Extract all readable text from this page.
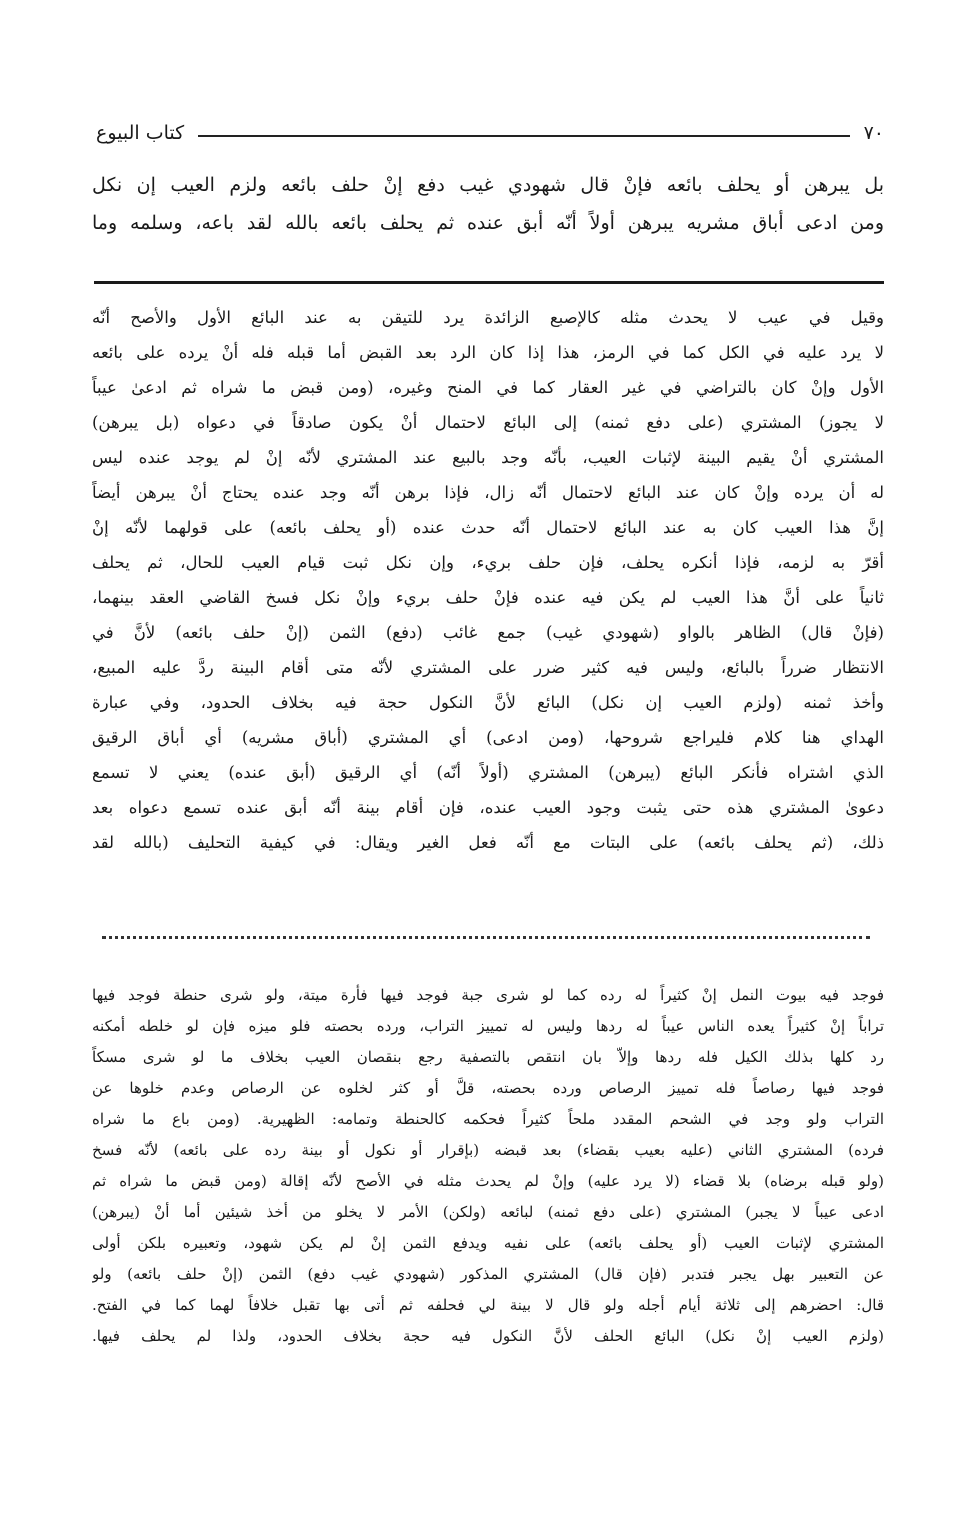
٧٠
كتاب البيوع
بل يبرهن أو يحلف بائعه فإنْ قال شهودي غيب دفع إنْ حلف بائعه ولزم العيب إن نكل
ومن ادعى أباق مشريه يبرهن أولاً أنّه أبق عنده ثم يحلف بائعه بالله لقد باعه، وسلمه وما
وقيل في عيب لا يحدث مثله كالإصبع الزائدة يرد للتيقن به عند البائع الأول والأصح أنّه
لا يرد عليه في الكل كما في الرمز، هذا إذا كان الرد بعد القبض أما قبله فله أنْ يرده على بائعه
الأول وإنْ كان بالتراضي في غير العقار كما في المنح وغيره، (ومن قبض ما شراه ثم ادعىٰ عيباً
لا يجوز) المشتري (على دفع ثمنه) إلى البائع لاحتمال أنْ يكون صادقاً في دعواه (بل يبرهن)
المشتري أنْ يقيم البينة لإثبات العيب، بأنّه وجد بالبيع عند المشتري لأنّه إنْ لم يوجد عنده ليس
له أن يرده وإنْ كان عند البائع لاحتمال أنّه زال، فإذا برهن أنّه وجد عنده يحتاج أنْ يبرهن أيضاً
إنَّ هذا العيب كان به عند البائع لاحتمال أنّه حدث عنده (أو يحلف بائعه) على قولهما لأنّه إنْ
أقرّ به لزمه، فإذا أنكره يحلف، فإن حلف بريء، وإن نكل ثبت قيام العيب للحال، ثم يحلف
ثانياً على أنَّ هذا العيب لم يكن فيه عنده فإنْ حلف بريء وإنْ نكل فسخ القاضي العقد بينهما،
(فإنْ قال) الظاهر بالواو (شهودي غيب) جمع غائب (دفع) الثمن (إنْ حلف بائعه) لأنَّ في
الانتظار ضرراً بالبائع، وليس فيه كثير ضرر على المشتري لأنّه متى أقام البينة ردَّ عليه المبيع،
وأخذ ثمنه (ولزم العيب إن نكل) البائع لأنَّ النكول حجة فيه بخلاف الحدود، وفي عبارة
الهداي هنا كلام فليراجع شروحها، (ومن ادعى) أي المشتري (أباق مشريه) أي أباق الرقيق
الذي اشتراه فأنكر البائع (يبرهن) المشتري (أولاً أنّه) أي الرقيق (أبق عنده) يعني لا تسمع
دعوىٰ المشتري هذه حتى يثبت وجود العيب عنده، فإن أقام بينة أنّه أبق عنده تسمع دعواه بعد
ذلك، (ثم يحلف بائعه) على البتات مع أنّه فعل الغير ويقال: في كيفية التحليف (بالله لقد
فوجد فيه بيوت النمل إنْ كثيراً له رده كما لو شرى جبة فوجد فيها فأرة ميتة، ولو شرى حنطة فوجد فيها
تراباً إنْ كثيراً يعده الناس عيباً له ردها وليس له تمييز التراب، ورده بحصته فلو ميزه فإن لو خلطه أمكنه
رد كلها بذلك الكيل فله ردها وإلاّ بان انتقص بالتصفية رجع بنقصان العيب بخلاف ما لو شرى مسكاً
فوجد فيها رصاصاً فله تمييز الرصاص ورده بحصته، قلَّ أو كثر لخلوه عن الرصاص وعدم خلوها عن
التراب ولو وجد في الشحم المقدد ملحاً كثيراً فحكمه كالحنطة وتمامه: الظهيرية. (ومن باع ما شراه
فرده) المشتري الثاني (عليه بعيب بقضاء) بعد قبضه (بإقرار أو نكول أو بينة رده على بائعه) لأنّه فسخ
(ولو قبله برضاه) بلا قضاء (لا يرد عليه) وإنْ لم يحدث مثله في الأصح لأنّه إقالة (ومن قبض ما شراه ثم
ادعى عيباً لا يجبر) المشتري (على دفع ثمنه) لبائعه (ولكن) الأمر لا يخلو من أخذ شيئين أما أنْ (يبرهن)
المشتري لإثبات العيب (أو يحلف بائعه) على نفيه ويدفع الثمن إنْ لم يكن شهود، وتعبيره بلكن أولى
عن التعبير بهل يجبر فتدبر (فإن قال) المشتري المذكور (شهودي غيب دفع) الثمن (إنْ حلف بائعه) ولو
قال: احضرهم إلى ثلاثة أيام أجله ولو قال لا بينة لي فحلفه ثم أتى بها تقبل خلافاً لهما كما في الفتح.
(ولزم العيب إنْ نكل) البائع الحلف لأنَّ النكول فيه حجة بخلاف الحدود، ولذا لم يحلف فيها.
